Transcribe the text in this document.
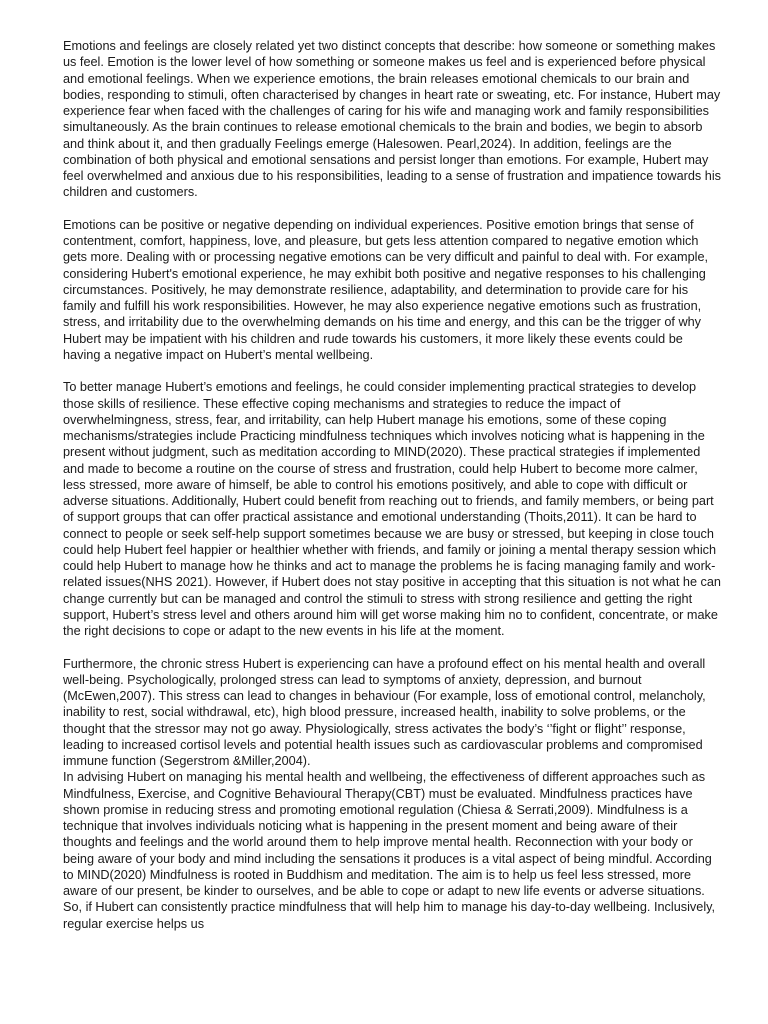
Emotions and feelings are closely related yet two distinct concepts that describe: how someone or something makes us feel. Emotion is the lower level of how something or someone makes us feel and is experienced before physical and emotional feelings. When we experience emotions, the brain releases emotional chemicals to our brain and bodies, responding to stimuli, often characterised by changes in heart rate or sweating, etc. For instance, Hubert may experience fear when faced with the challenges of caring for his wife and managing work and family responsibilities simultaneously. As the brain continues to release emotional chemicals to the brain and bodies, we begin to absorb and think about it, and then gradually Feelings emerge (Halesowen. Pearl,2024). In addition, feelings are the combination of both physical and emotional sensations and persist longer than emotions. For example, Hubert may feel overwhelmed and anxious due to his responsibilities, leading to a sense of frustration and impatience towards his children and customers.

Emotions can be positive or negative depending on individual experiences. Positive emotion brings that sense of contentment, comfort, happiness, love, and pleasure, but gets less attention compared to negative emotion which gets more. Dealing with or processing negative emotions can be very difficult and painful to deal with. For example, considering Hubert's emotional experience, he may exhibit both positive and negative responses to his challenging circumstances. Positively, he may demonstrate resilience, adaptability, and determination to provide care for his family and fulfill his work responsibilities. However, he may also experience negative emotions such as frustration, stress, and irritability due to the overwhelming demands on his time and energy, and this can be the trigger of why Hubert may be impatient with his children and rude towards his customers, it more likely these events could be having a negative impact on Hubert’s mental wellbeing.

To better manage Hubert’s emotions and feelings, he could consider implementing practical strategies to develop those skills of resilience. These effective coping mechanisms and strategies to reduce the impact of overwhelmingness, stress, fear, and irritability, can help Hubert manage his emotions, some of these coping mechanisms/strategies include Practicing mindfulness techniques which involves noticing what is happening in the present without judgment, such as meditation according to MIND(2020). These practical strategies if implemented and made to become a routine on the course of stress and frustration, could help Hubert to become more calmer, less stressed, more aware of himself, be able to control his emotions positively, and able to cope with difficult or adverse situations. Additionally, Hubert could benefit from reaching out to friends, and family members, or being part of support groups that can offer practical assistance and emotional understanding (Thoits,2011). It can be hard to connect to people or seek self-help support sometimes because we are busy or stressed, but keeping in close touch could help Hubert feel happier or healthier whether with friends, and family or joining a mental therapy session which could help Hubert to manage how he thinks and act to manage the problems he is facing managing family and work-related issues(NHS 2021). However, if Hubert does not stay positive in accepting that this situation is not what he can change currently but can be managed and control the stimuli to stress with strong resilience and getting the right support, Hubert’s stress level and others around him will get worse making him no to confident, concentrate, or make the right decisions to cope or adapt to the new events in his life at the moment.

Furthermore, the chronic stress Hubert is experiencing can have a profound effect on his mental health and overall well-being. Psychologically, prolonged stress can lead to symptoms of anxiety, depression, and burnout (McEwen,2007). This stress can lead to changes in behaviour (For example, loss of emotional control, melancholy, inability to rest, social withdrawal, etc), high blood pressure, increased health, inability to solve problems, or the thought that the stressor may not go away. Physiologically, stress activates the body’s ‘’fight or flight’’ response, leading to increased cortisol levels and potential health issues such as cardiovascular problems and compromised immune function (Segerstrom &Miller,2004).

In advising Hubert on managing his mental health and wellbeing, the effectiveness of different approaches such as Mindfulness, Exercise, and Cognitive Behavioural Therapy(CBT) must be evaluated. Mindfulness practices have shown promise in reducing stress and promoting emotional regulation (Chiesa & Serrati,2009). Mindfulness is a technique that involves individuals noticing what is happening in the present moment and being aware of their thoughts and feelings and the world around them to help improve mental health. Reconnection with your body or being aware of your body and mind including the sensations it produces is a vital aspect of being mindful. According to MIND(2020) Mindfulness is rooted in Buddhism and meditation. The aim is to help us feel less stressed, more aware of our present, be kinder to ourselves, and be able to cope or adapt to new life events or adverse situations. So, if Hubert can consistently practice mindfulness that will help him to manage his day-to-day wellbeing. Inclusively, regular exercise helps us
